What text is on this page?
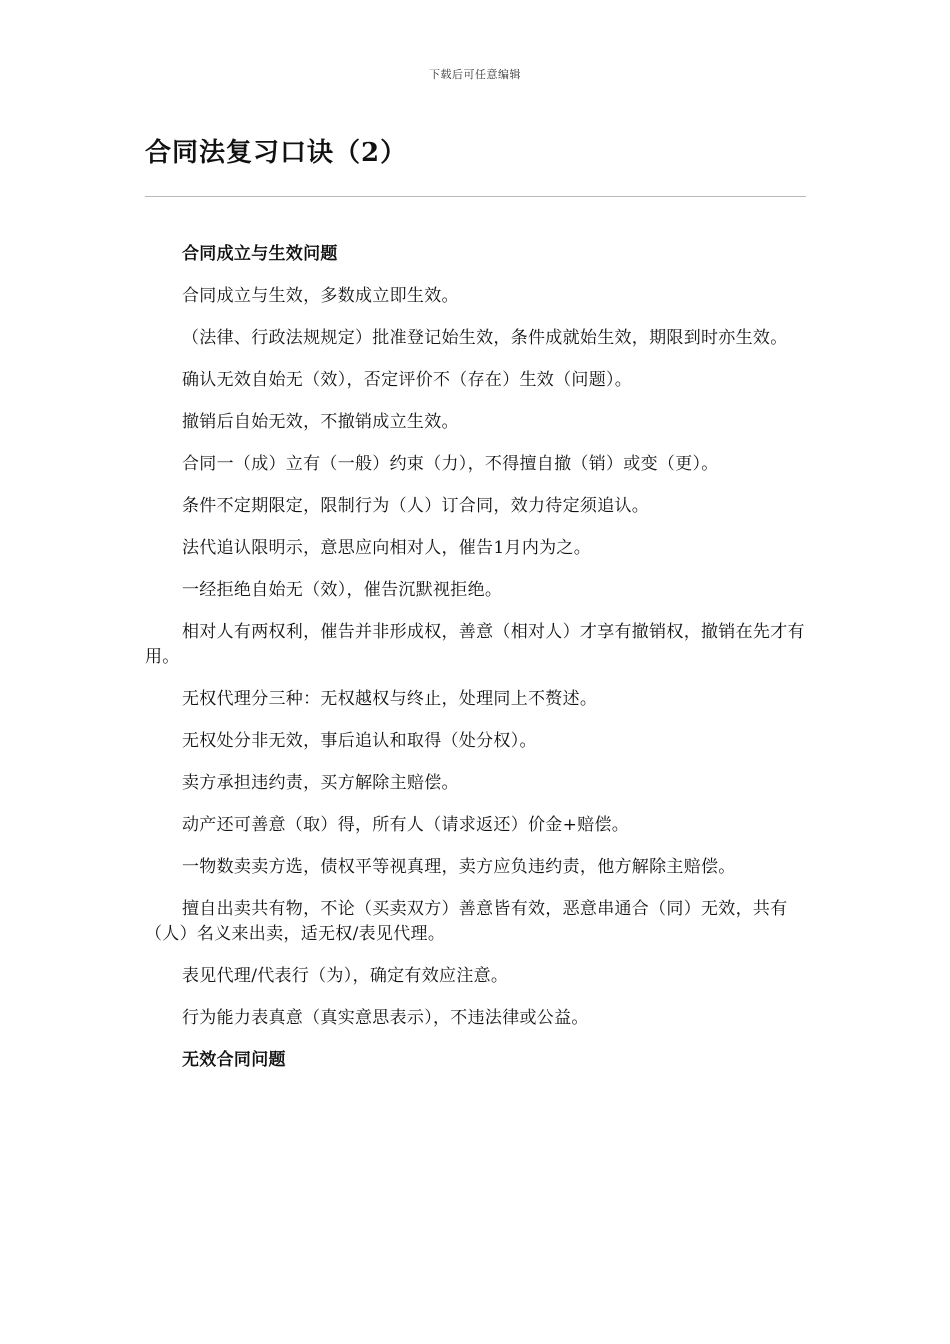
下载后可任意编辑
合同法复习口诀（2）

合同成立与生效问题

合同成立与生效，多数成立即生效。

（法律、行政法规规定）批准登记始生效，条件成就始生效，期限到时亦生效。

确认无效自始无（效），否定评价不（存在）生效（问题）。

撤销后自始无效，不撤销成立生效。

合同一（成）立有（一般）约束（力），不得擅自撤（销）或变（更）。

条件不定期限定，限制行为（人）订合同，效力待定须追认。

法代追认限明示，意思应向相对人，催告1月内为之。

一经拒绝自始无（效），催告沉默视拒绝。

相对人有两权利，催告并非形成权，善意（相对人）才享有撤销权，撤销在先才有用。

无权代理分三种：无权越权与终止，处理同上不赘述。

无权处分非无效，事后追认和取得（处分权）。

卖方承担违约责，买方解除主赔偿。

动产还可善意（取）得，所有人（请求返还）价金+赔偿。

一物数卖卖方选，债权平等视真理，卖方应负违约责，他方解除主赔偿。

擅自出卖共有物，不论（买卖双方）善意皆有效，恶意串通合（同）无效，共有（人）名义来出卖，适无权/表见代理。

表见代理/代表行（为），确定有效应注意。

行为能力表真意（真实意思表示），不违法律或公益。

无效合同问题
